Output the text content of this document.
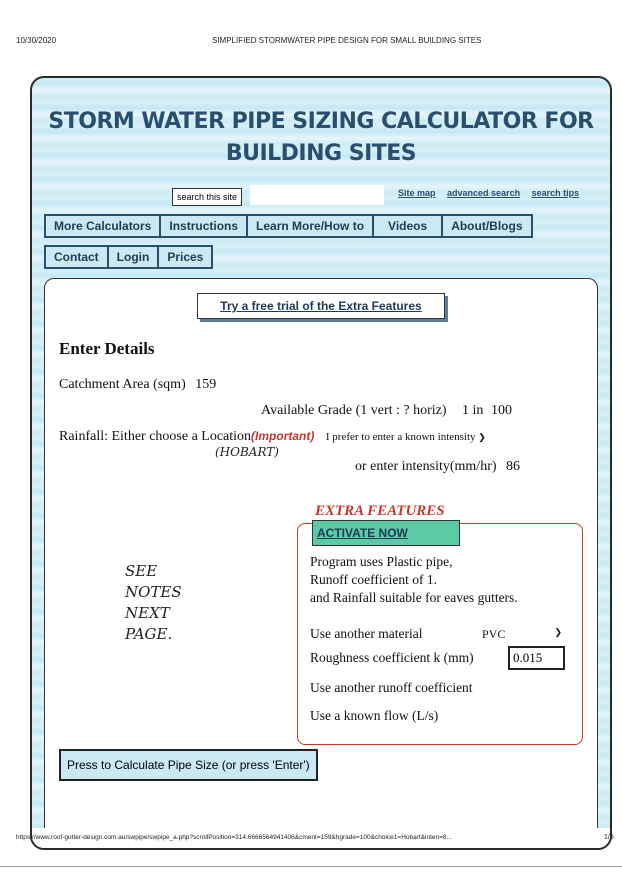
10/30/2020	SIMPLIFIED STORMWATER PIPE DESIGN FOR SMALL BUILDING SITES
STORM WATER PIPE SIZING CALCULATOR FOR BUILDING SITES
search this site	Site map advanced search search tips
More Calculators	Instructions	Learn More/How to	Videos	About/Blogs
Contact	Login	Prices
Try a free trial of the Extra Features
Enter Details
Catchment Area (sqm) 159
Available Grade (1 vert : ? horiz) 1 in 100
Rainfall: Either choose a Location(Important) I prefer to enter a known intensity ❯
or enter intensity(mm/hr) 86
(HOBART)
SEE
NOTES
NEXT
PAGE.
EXTRA FEATURES
ACTIVATE NOW
Program uses Plastic pipe,
Runoff coefficient of 1.
and Rainfall suitable for eaves gutters.
Use another material	PVC	❯
Roughness coefficient k (mm)	0.015
Use another runoff coefficient
Use a known flow (L/s)
Press to Calculate Pipe Size (or press 'Enter')
https://www.roof-gutter-design.com.au/swpipe/swpipe_a.php?scrollPosition=314.6666564941406&cment=159&hgrade=100&choice1=Hobart&inten=8...	1/6
